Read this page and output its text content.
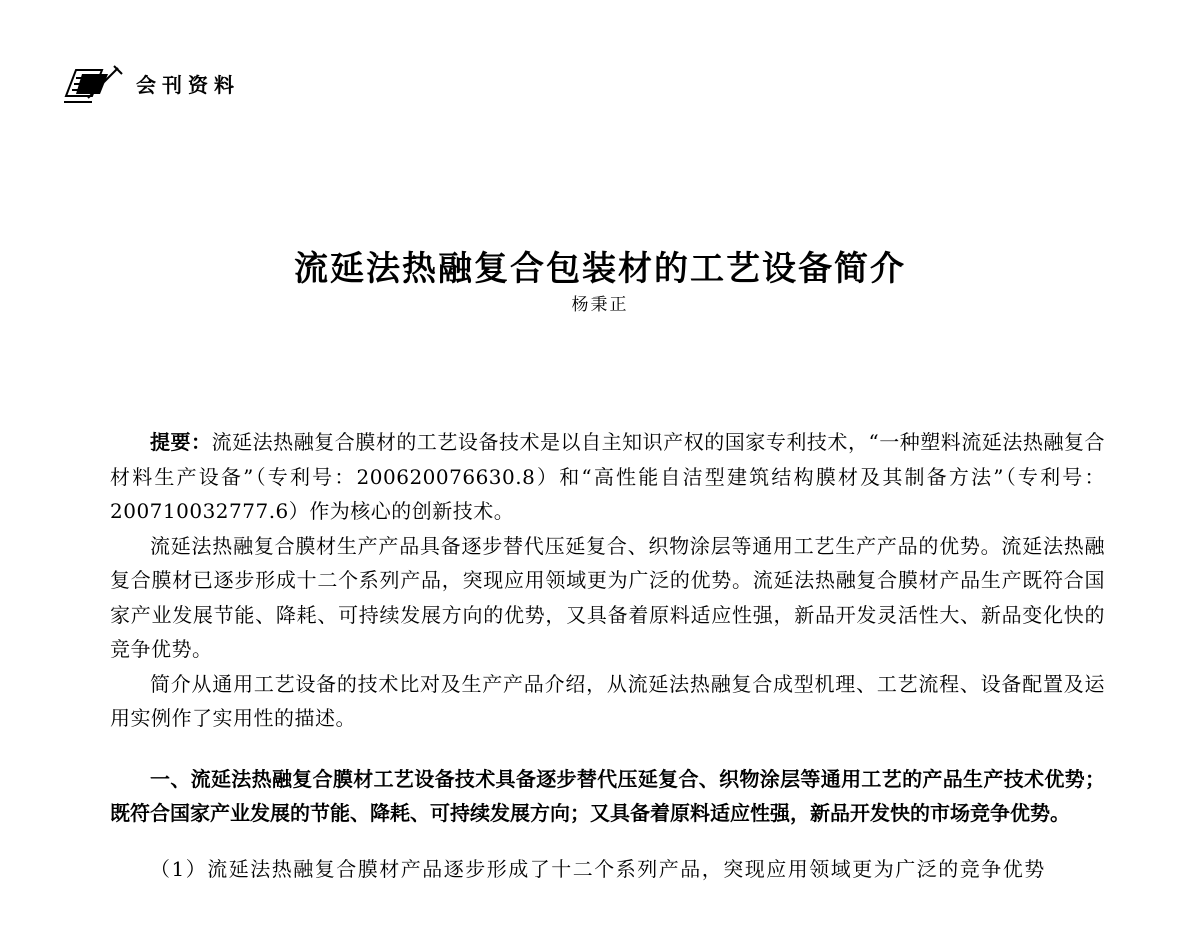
会刊资料
流延法热融复合包装材的工艺设备简介
杨秉正

提要：流延法热融复合膜材的工艺设备技术是以自主知识产权的国家专利技术，“一种塑料流延法热融复合材料生产设备”（专利号：200620076630.8）和“高性能自洁型建筑结构膜材及其制备方法”（专利号：200710032777.6）作为核心的创新技术。

流延法热融复合膜材生产产品具备逐步替代压延复合、织物涂层等通用工艺生产产品的优势。流延法热融复合膜材已逐步形成十二个系列产品，突现应用领域更为广泛的优势。流延法热融复合膜材产品生产既符合国家产业发展节能、降耗、可持续发展方向的优势，又具备着原料适应性强，新品开发灵活性大、新品变化快的竞争优势。

简介从通用工艺设备的技术比对及生产产品介绍，从流延法热融复合成型机理、工艺流程、设备配置及运用实例作了实用性的描述。

一、流延法热融复合膜材工艺设备技术具备逐步替代压延复合、织物涂层等通用工艺的产品生产技术优势；既符合国家产业发展的节能、降耗、可持续发展方向；又具备着原料适应性强，新品开发快的市场竞争优势。

（1）流延法热融复合膜材产品逐步形成了十二个系列产品，突现应用领域更为广泛的竞争优势
